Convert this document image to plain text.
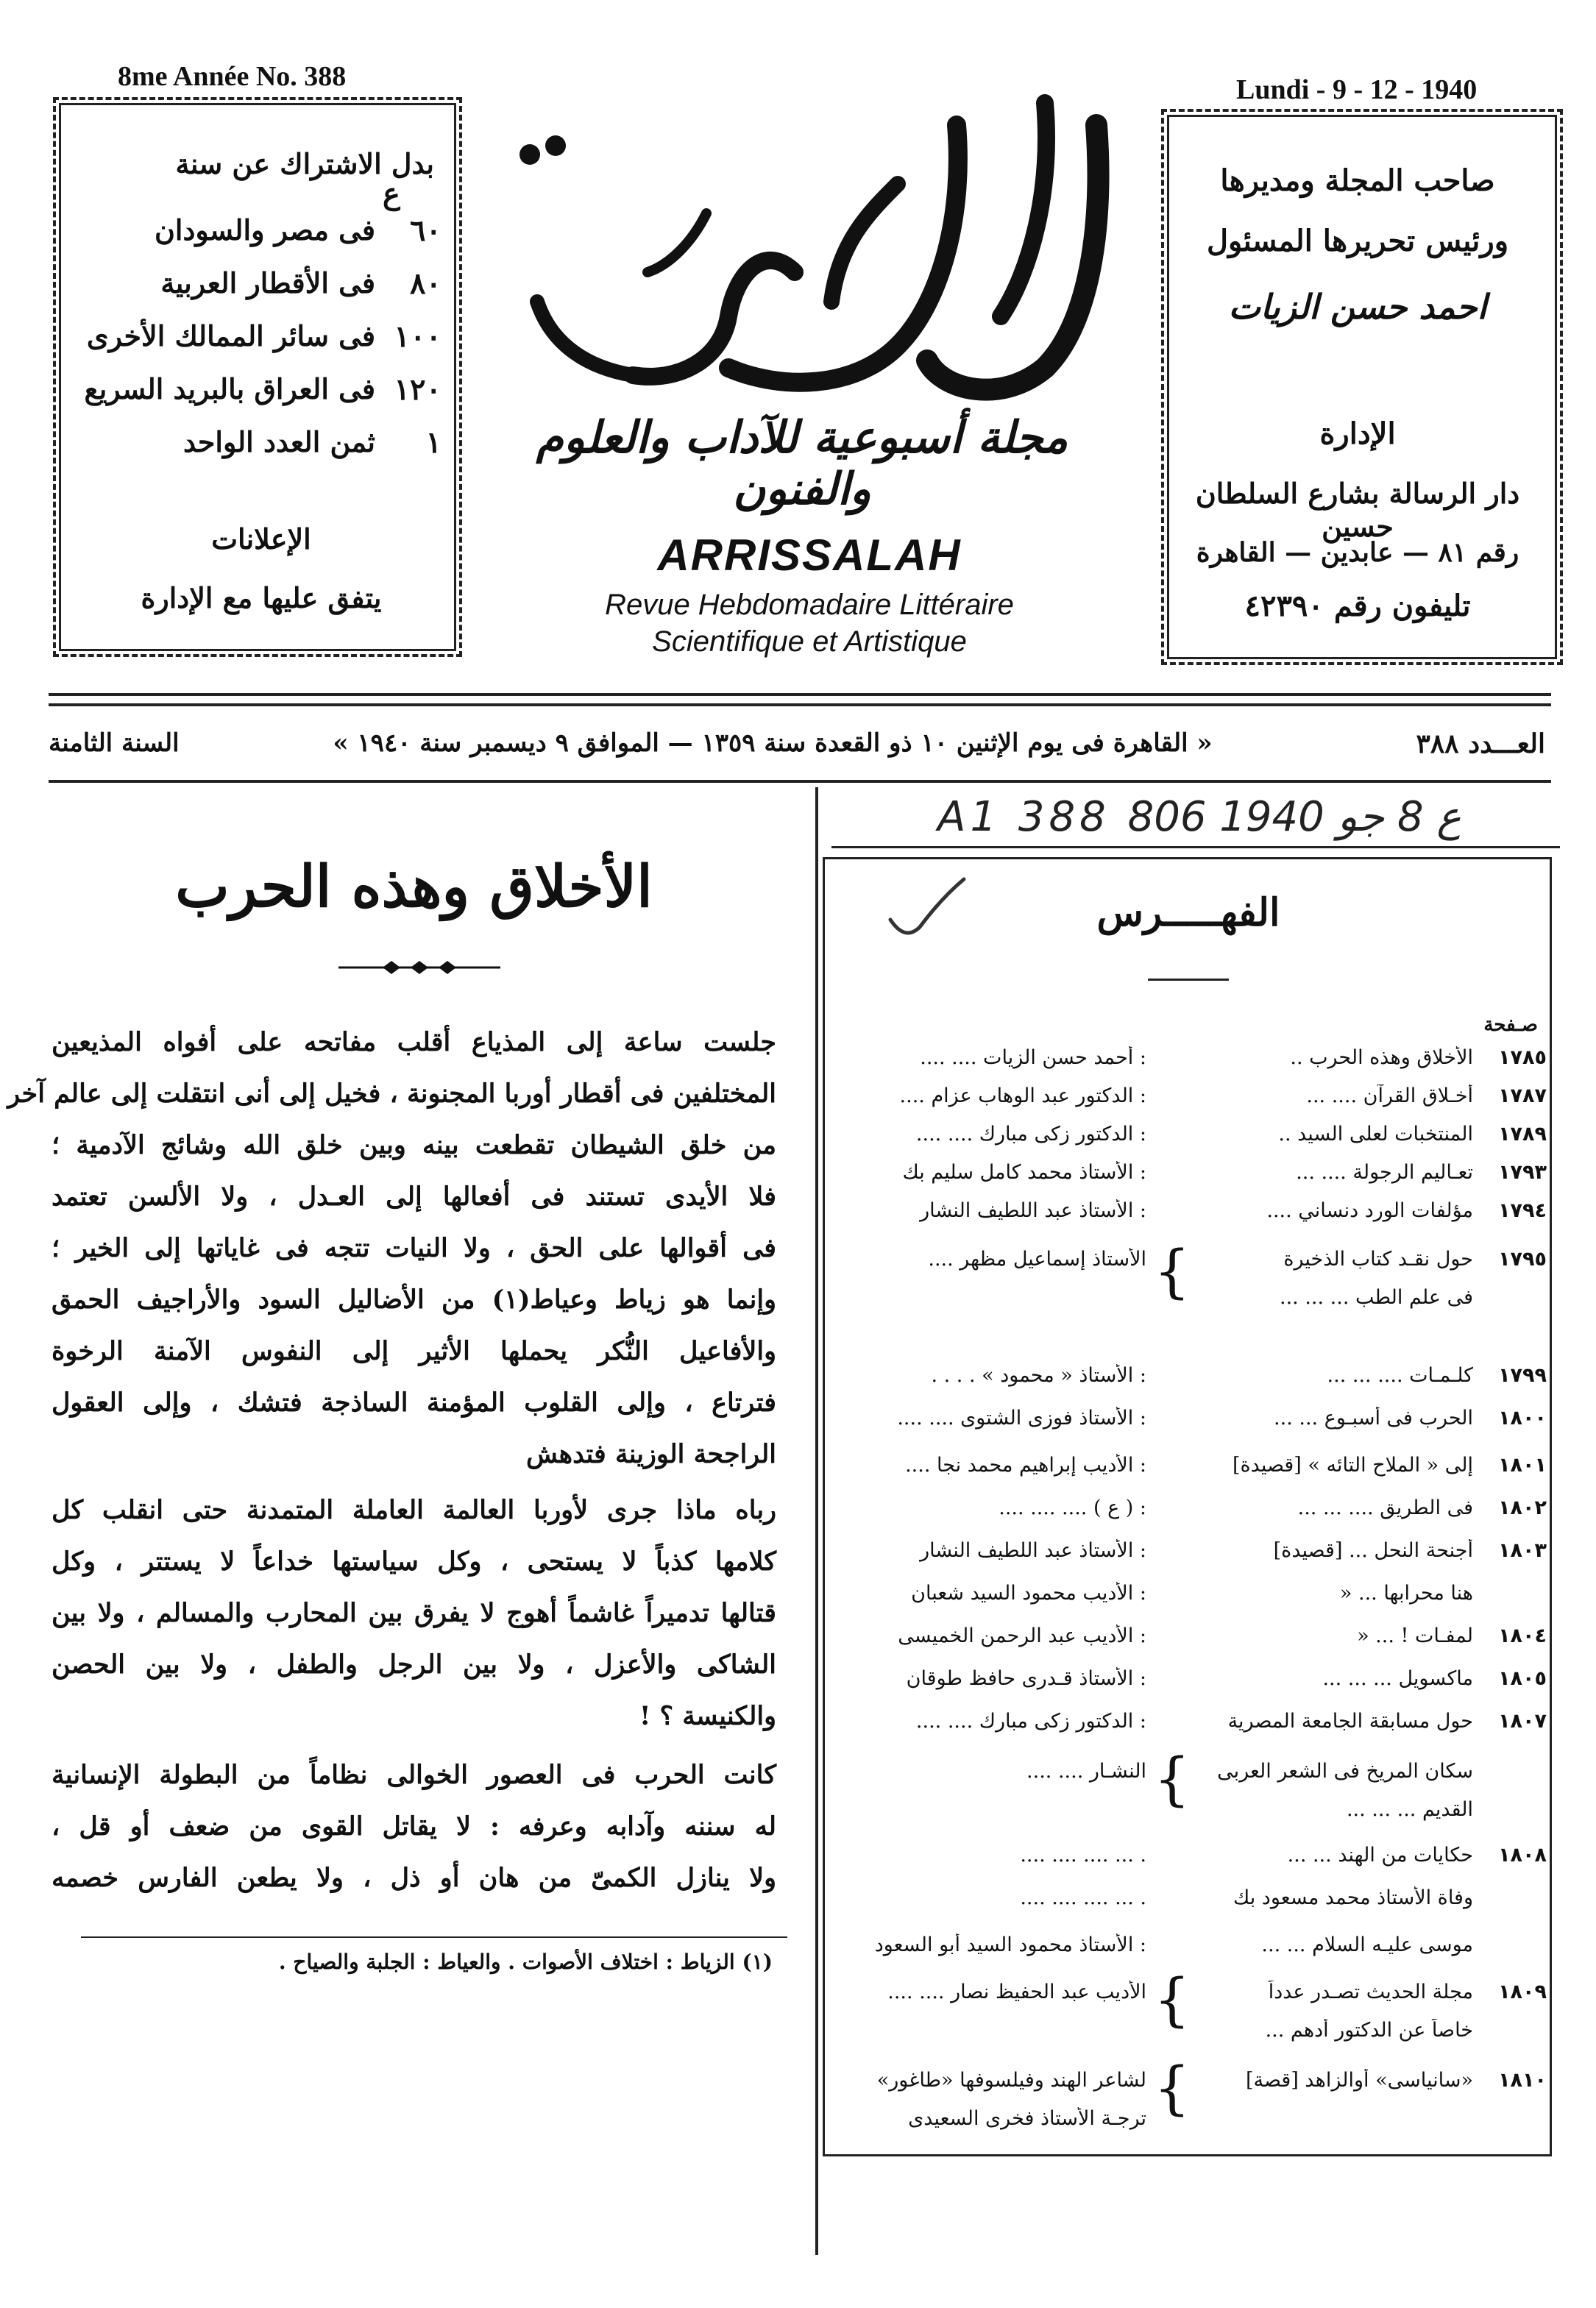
8me Année No. 388	Lundi - 9 - 12 - 1940
بدل الاشتراك عن سنة
ع
٦٠
فى مصر والسودان
٨٠
فى الأقطار العربية
١٠٠
فى سائر الممالك الأخرى
١٢٠
فى العراق بالبريد السريع
١
ثمن العدد الواحد
الإعلانات
يتفق عليها مع الإدارة
مجلة أسبوعية للآداب والعلوم والفنون
ARRISSALAH
Revue Hebdomadaire Littéraire
Scientifique et Artistique
صاحب المجلة ومديرها
ورئيس تحريرها المسئول
احمد حسن الزيات
الإدارة
دار الرسالة بشارع السلطان حسين
رقم ٨١ — عابدين — القاهرة
تليفون رقم ٤٢٣٩٠
العـــدد ٣٨٨
« القاهرة فى يوم الإثنين ١٠ ذو القعدة سنة ١٣٥٩ — الموافق ٩ ديسمبر سنة ١٩٤٠ »
السنة الثامنة
A1 388 ع 8 جو 1940 806
الفهـــــرس
صـفحة
١٧٨٥
الأخلاق وهذه الحرب ..
: أحمد حسن الزيات .... ....
١٧٨٧
أخـلاق القرآن .... ...
: الدكتور عبد الوهاب عزام ....
١٧٨٩
المنتخبات لعلى السيد ..
: الدكتور زكى مبارك .... ....
١٧٩٣
تعـاليم الرجولة .... ...
: الأستاذ محمد كامل سليم بك
١٧٩٤
مؤلفات الورد دنساني ....
: الأستاذ عبد اللطيف النشار
١٧٩٥
حول نقـد كتاب الذخيرة
الأستاذ إسماعيل مظهر ....
فى علم الطب ... ... ...
١٧٩٩
كلـمـات .... ... ...
: الأستاذ « محمود » . . . .
١٨٠٠
الحرب فى أسبـوع ... ...
: الأستاذ فوزى الشتوى .... ....
١٨٠١
إلى « الملاح التائه » [قصيدة]
: الأديب إبراهيم محمد نجا ....
١٨٠٢
فى الطريق .... ... ...
: ( ع ) .... .... ....
١٨٠٣
أجنحة النحل ... [قصيدة]
: الأستاذ عبد اللطيف النشار
هنا محرابها ... «
: الأديب محمود السيد شعبان
١٨٠٤
لمفـات ! ... «
: الأديب عبد الرحمن الخميسى
١٨٠٥
ماكسويل ... ... ...
: الأستاذ قـدرى حافظ طوقان
١٨٠٧
حول مسابقة الجامعة المصرية
: الدكتور زكى مبارك .... ....
سكان المريخ فى الشعر العربى
النشـار .... ....
القديم ... ... ...
١٨٠٨
حكايات من الهند ... ...
. ... .... .... ....
وفاة الأستاذ محمد مسعود بك
. ... .... .... ....
موسى عليـه السلام ... ...
: الأستاذ محمود السيد أبو السعود
١٨٠٩
مجلة الحديث تصـدر عدداً
الأديب عبد الحفيظ نصار .... ....
خاصاً عن الدكتور أدهم ...
١٨١٠
«سانياسى» أوالزاهد [قصة]
لشاعر الهند وفيلسوفها «طاغور»
ترجـة الأستاذ فخرى السعيدى
{
{
{
{
الأخلاق وهذه الحرب
جلست ساعة إلى المذياع أقلب مفاتحه على أفواه المذيعين
المختلفين فى أقطار أوربا المجنونة ، فخيل إلى أنى انتقلت إلى عالم آخر
من خلق الشيطان تقطعت بينه وبين خلق الله وشائج الآدمية ؛
فلا الأيدى تستند فى أفعالها إلى العـدل ، ولا الألسن تعتمد
فى أقوالها على الحق ، ولا النيات تتجه فى غاياتها إلى الخير ؛
وإنما هو زياط وعياط(١) من الأضاليل السود والأراجيف الحمق
والأفاعيل النُّكر يحملها الأثير إلى النفوس الآمنة الرخوة
فترتاع ، وإلى القلوب المؤمنة الساذجة فتشك ، وإلى العقول
الراجحة الوزينة فتدهش
رباه ماذا جرى لأوربا العالمة العاملة المتمدنة حتى انقلب كل
كلامها كذباً لا يستحى ، وكل سياستها خداعاً لا يستتر ، وكل
قتالها تدميراً غاشماً أهوج لا يفرق بين المحارب والمسالم ، ولا بين
الشاكى والأعزل ، ولا بين الرجل والطفل ، ولا بين الحصن
والكنيسة ؟ !
كانت الحرب فى العصور الخوالى نظاماً من البطولة الإنسانية
له سننه وآدابه وعرفه : لا يقاتل القوى من ضعف أو قل ،
ولا ينازل الكمىّ من هان أو ذل ، ولا يطعن الفارس خصمه
(١) الزياط : اختلاف الأصوات . والعياط : الجلبة والصياح .
